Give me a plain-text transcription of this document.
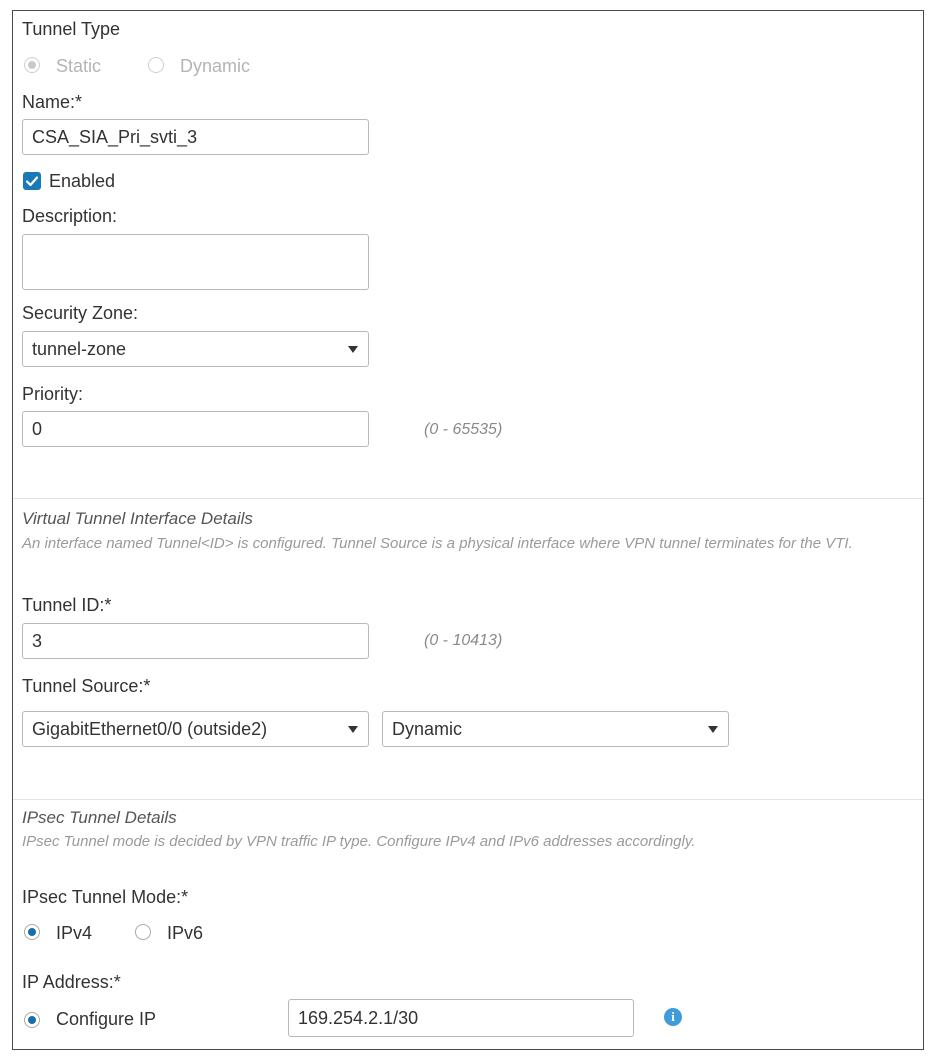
Tunnel Type
Static	Dynamic
Name:*
CSA_SIA_Pri_svti_3
Enabled
Description:
Security Zone:
tunnel-zone
Priority:
0
(0 - 65535)
Virtual Tunnel Interface Details
An interface named Tunnel<ID> is configured. Tunnel Source is a physical interface where VPN tunnel terminates for the VTI.
Tunnel ID:*
3
(0 - 10413)
Tunnel Source:*
GigabitEthernet0/0 (outside2)	Dynamic
IPsec Tunnel Details
IPsec Tunnel mode is decided by VPN traffic IP type. Configure IPv4 and IPv6 addresses accordingly.
IPsec Tunnel Mode:*
IPv4	IPv6
IP Address:*
Configure IP
169.254.2.1/30	i
